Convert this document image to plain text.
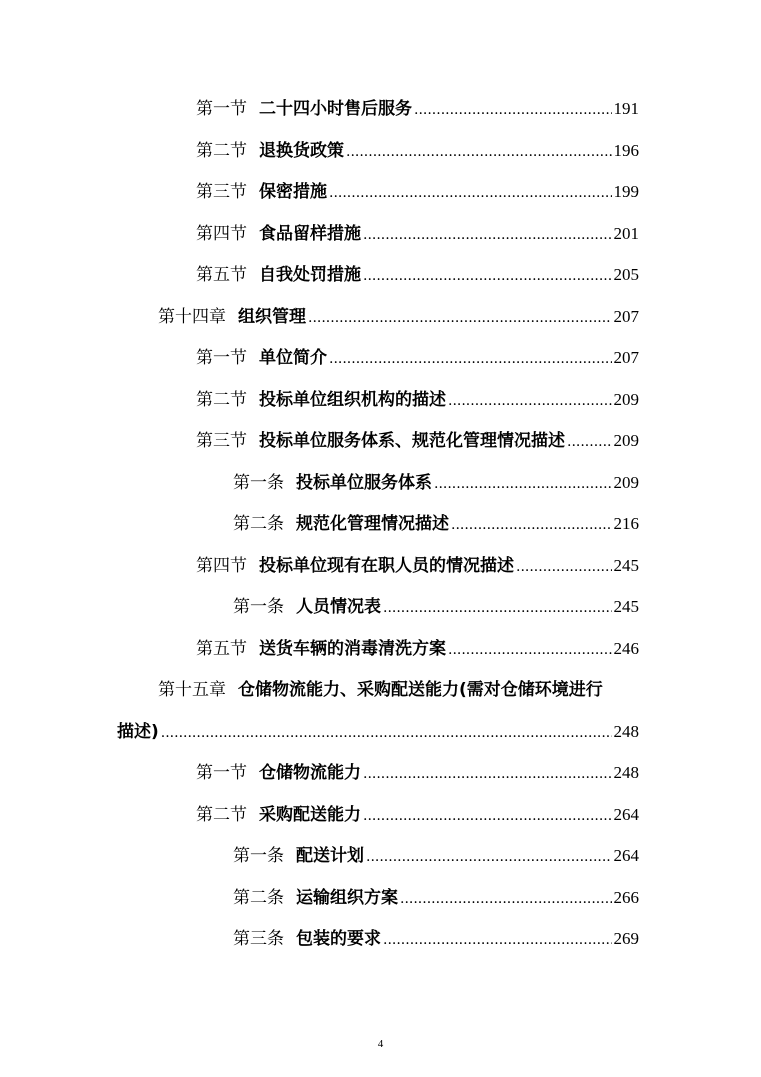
第一节 二十四小时售后服务 .....	191
第二节 退换货政策 .....	196
第三节 保密措施 .....	199
第四节 食品留样措施 .....	201
第五节 自我处罚措施 .....	205
第十四章 组织管理 .....	207
第一节 单位简介 .....	207
第二节 投标单位组织机构的描述 .....	209
第三节 投标单位服务体系、规范化管理情况描述 .....	209
第一条 投标单位服务体系 .....	209
第二条 规范化管理情况描述 .....	216
第四节 投标单位现有在职人员的情况描述 .....	245
第一条 人员情况表 .....	245
第五节 送货车辆的消毒清洗方案 .....	246
第十五章 仓储物流能力、采购配送能力(需对仓储环境进行
描述) .....	248
第一节 仓储物流能力 .....	248
第二节 采购配送能力 .....	264
第一条 配送计划 .....	264
第二条 运输组织方案 .....	266
第三条 包装的要求 .....	269
4
